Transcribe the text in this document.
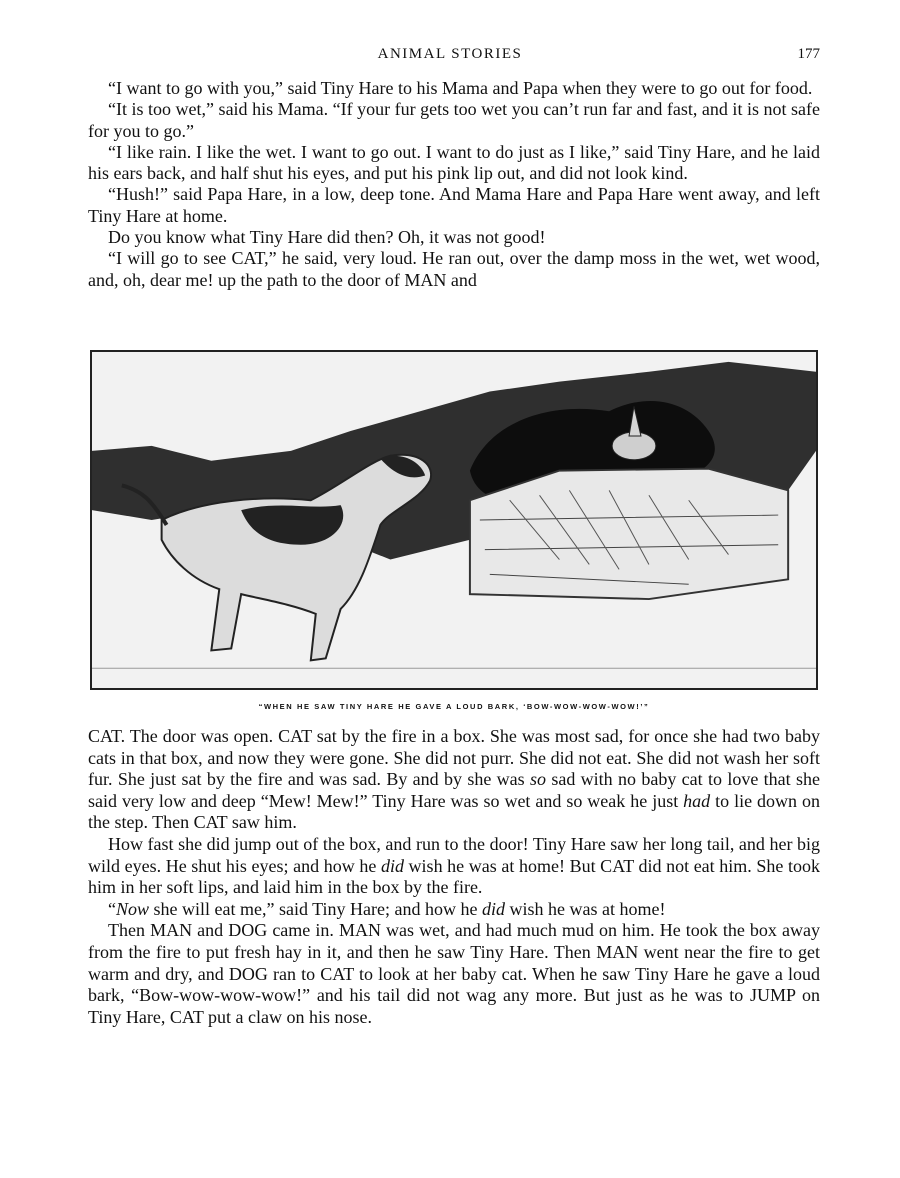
ANIMAL STORIES	177

“I want to go with you,” said Tiny Hare to his Mama and Papa when they were to go out for food.

“It is too wet,” said his Mama. “If your fur gets too wet you can’t run far and fast, and it is not safe for you to go.”

“I like rain. I like the wet. I want to go out. I want to do just as I like,” said Tiny Hare, and he laid his ears back, and half shut his eyes, and put his pink lip out, and did not look kind.

“Hush!” said Papa Hare, in a low, deep tone. And Mama Hare and Papa Hare went away, and left Tiny Hare at home.

Do you know what Tiny Hare did then? Oh, it was not good!

“I will go to see CAT,” he said, very loud. He ran out, over the damp moss in the wet, wet wood, and, oh, dear me! up the path to the door of MAN and

“WHEN HE SAW TINY HARE HE GAVE A LOUD BARK, ‘BOW-WOW-WOW-WOW!’”

CAT. The door was open. CAT sat by the fire in a box. She was most sad, for once she had two baby cats in that box, and now they were gone. She did not purr. She did not eat. She did not wash her soft fur. She just sat by the fire and was sad. By and by she was so sad with no baby cat to love that she said very low and deep “Mew! Mew!” Tiny Hare was so wet and so weak he just had to lie down on the step. Then CAT saw him.

How fast she did jump out of the box, and run to the door! Tiny Hare saw her long tail, and her big wild eyes. He shut his eyes; and how he did wish he was at home! But CAT did not eat him. She took him in her soft lips, and laid him in the box by the fire.

“Now she will eat me,” said Tiny Hare; and how he did wish he was at home!

Then MAN and DOG came in. MAN was wet, and had much mud on him. He took the box away from the fire to put fresh hay in it, and then he saw Tiny Hare. Then MAN went near the fire to get warm and dry, and DOG ran to CAT to look at her baby cat. When he saw Tiny Hare he gave a loud bark, “Bow-wow-wow-wow!” and his tail did not wag any more. But just as he was to JUMP on Tiny Hare, CAT put a claw on his nose.
